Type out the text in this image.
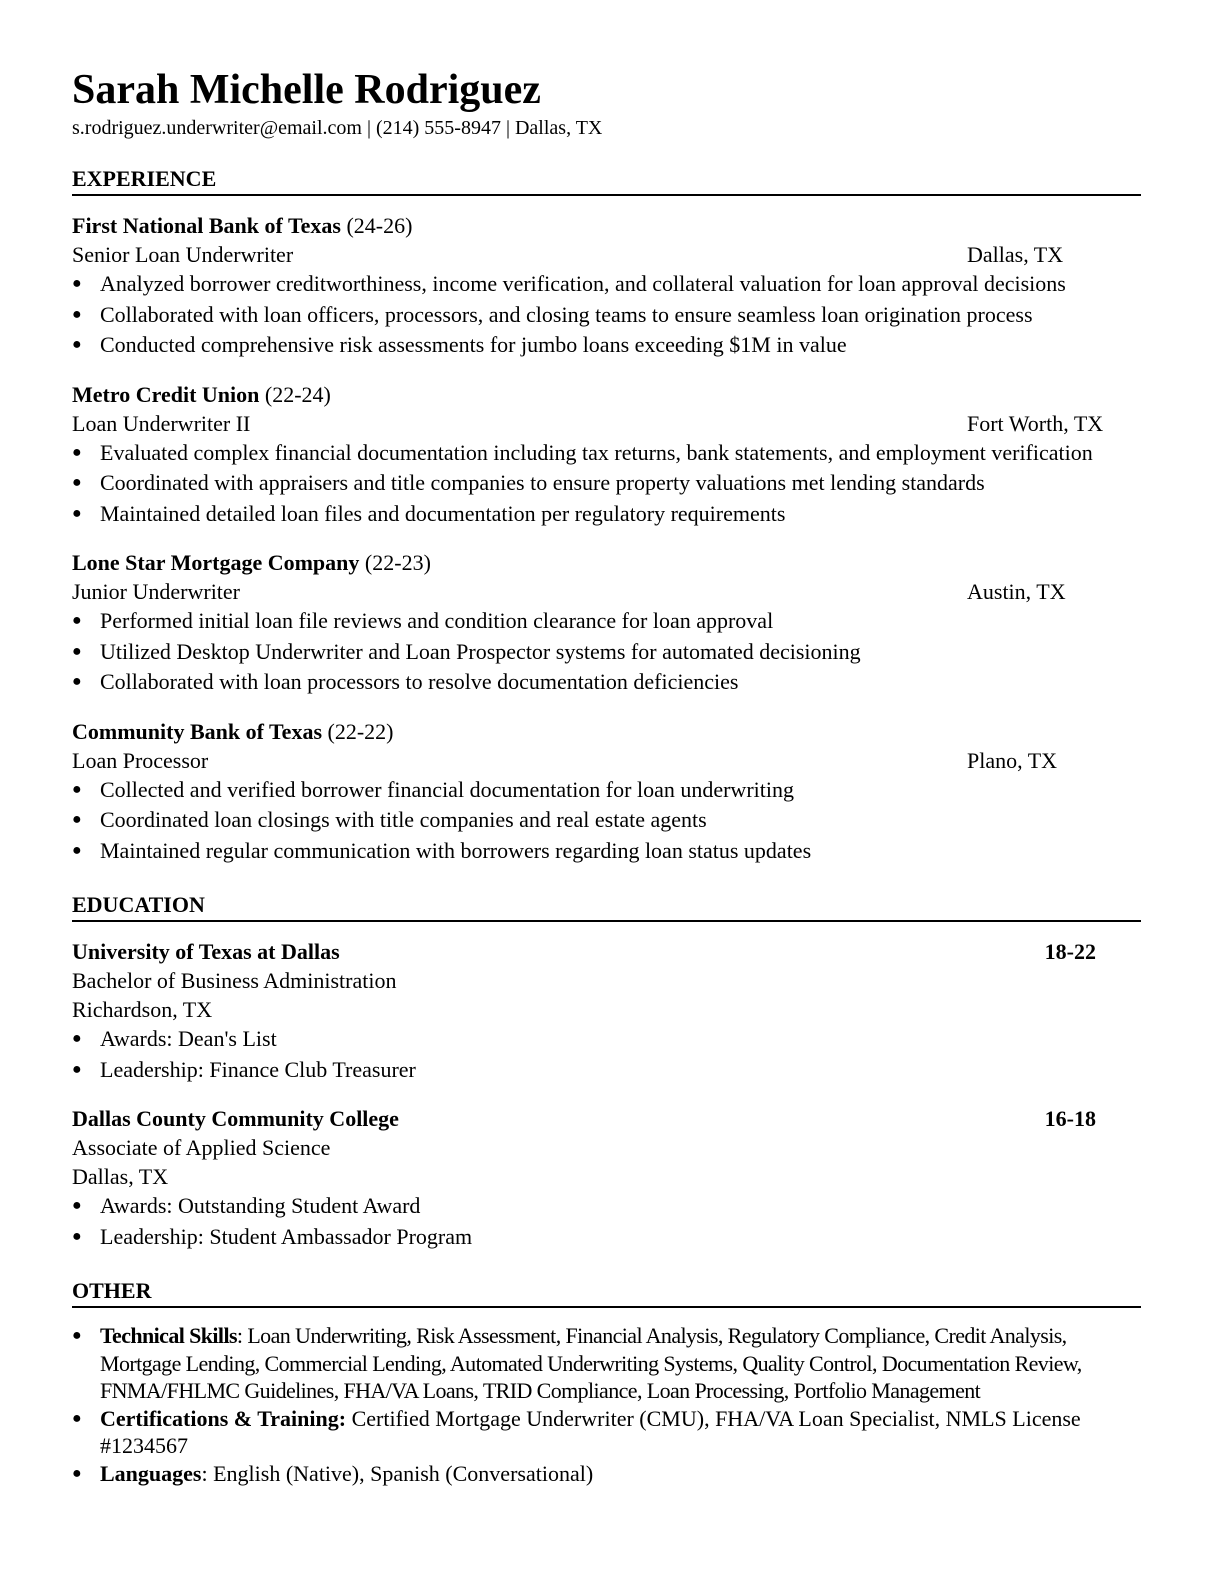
Sarah Michelle Rodriguez
s.rodriguez.underwriter@email.com | (214) 555-8947 | Dallas, TX
EXPERIENCE
First National Bank of Texas (24-26)
Senior Loan Underwriter	Dallas, TX
● Analyzed borrower creditworthiness, income verification, and collateral valuation for loan approval decisions
● Collaborated with loan officers, processors, and closing teams to ensure seamless loan origination process
● Conducted comprehensive risk assessments for jumbo loans exceeding $1M in value
Metro Credit Union (22-24)
Loan Underwriter II	Fort Worth, TX
● Evaluated complex financial documentation including tax returns, bank statements, and employment verification
● Coordinated with appraisers and title companies to ensure property valuations met lending standards
● Maintained detailed loan files and documentation per regulatory requirements
Lone Star Mortgage Company (22-23)
Junior Underwriter	Austin, TX
● Performed initial loan file reviews and condition clearance for loan approval
● Utilized Desktop Underwriter and Loan Prospector systems for automated decisioning
● Collaborated with loan processors to resolve documentation deficiencies
Community Bank of Texas (22-22)
Loan Processor	Plano, TX
● Collected and verified borrower financial documentation for loan underwriting
● Coordinated loan closings with title companies and real estate agents
● Maintained regular communication with borrowers regarding loan status updates
EDUCATION
University of Texas at Dallas	18-22
Bachelor of Business Administration
Richardson, TX
● Awards: Dean's List
● Leadership: Finance Club Treasurer
Dallas County Community College	16-18
Associate of Applied Science
Dallas, TX
● Awards: Outstanding Student Award
● Leadership: Student Ambassador Program
OTHER
● Technical Skills: Loan Underwriting, Risk Assessment, Financial Analysis, Regulatory Compliance, Credit Analysis, Mortgage Lending, Commercial Lending, Automated Underwriting Systems, Quality Control, Documentation Review, FNMA/FHLMC Guidelines, FHA/VA Loans, TRID Compliance, Loan Processing, Portfolio Management
● Certifications & Training: Certified Mortgage Underwriter (CMU), FHA/VA Loan Specialist, NMLS License #1234567
● Languages: English (Native), Spanish (Conversational)
